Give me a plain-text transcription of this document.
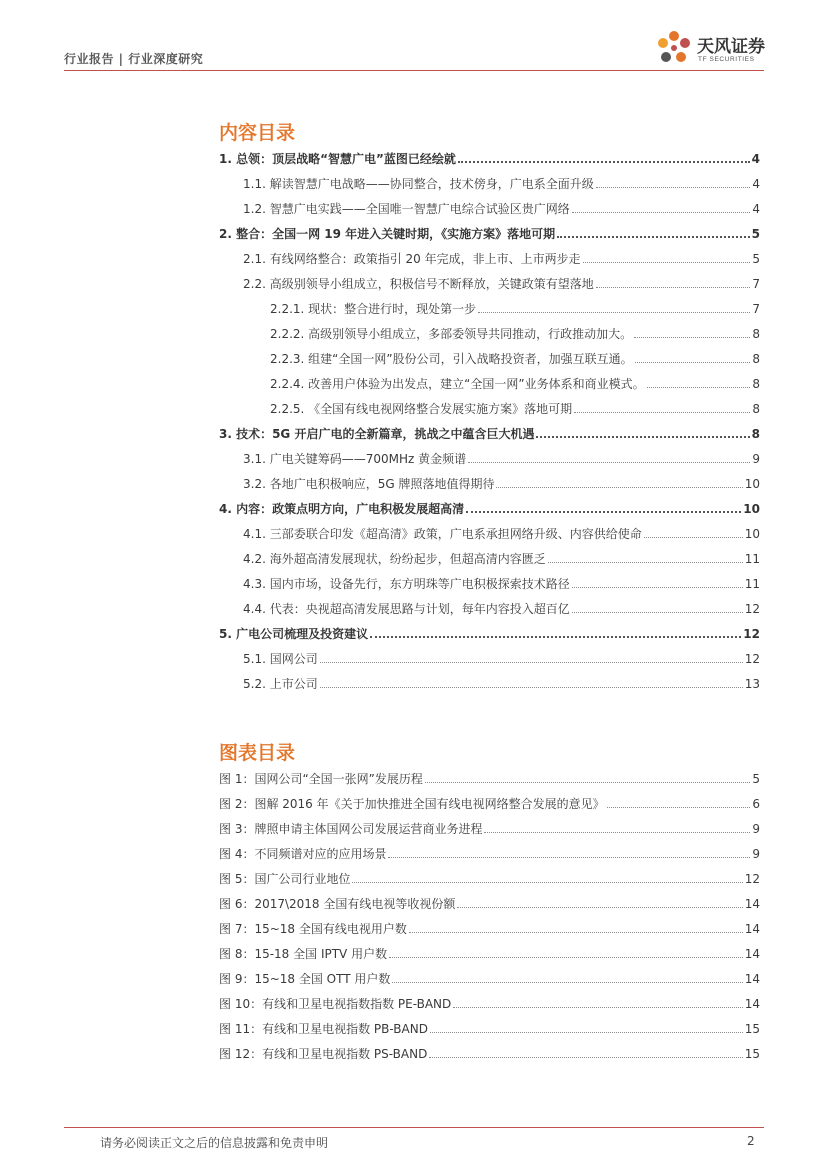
行业报告 | 行业深度研究
天风证券
TF SECURITIES
内容目录
1. 总领：顶层战略“智慧广电”蓝图已经绘就	4
1.1. 解读智慧广电战略——协同整合，技术傍身，广电系全面升级	4
1.2. 智慧广电实践——全国唯一智慧广电综合试验区贵广网络	4
2. 整合：全国一网 19 年进入关键时期，《实施方案》落地可期	5
2.1. 有线网络整合：政策指引 20 年完成，非上市、上市两步走	5
2.2. 高级别领导小组成立，积极信号不断释放，关键政策有望落地	7
2.2.1. 现状：整合进行时，现处第一步	7
2.2.2. 高级别领导小组成立，多部委领导共同推动，行政推动加大。	8
2.2.3. 组建“全国一网”股份公司，引入战略投资者，加强互联互通。	8
2.2.4. 改善用户体验为出发点，建立“全国一网”业务体系和商业模式。	8
2.2.5. 《全国有线电视网络整合发展实施方案》落地可期	8
3. 技术：5G 开启广电的全新篇章，挑战之中蕴含巨大机遇	8
3.1. 广电关键筹码——700MHz 黄金频谱	9
3.2. 各地广电积极响应，5G 牌照落地值得期待	10
4. 内容：政策点明方向，广电积极发展超高清	10
4.1. 三部委联合印发《超高清》政策，广电系承担网络升级、内容供给使命	10
4.2. 海外超高清发展现状，纷纷起步，但超高清内容匮乏	11
4.3. 国内市场，设备先行，东方明珠等广电积极探索技术路径	11
4.4. 代表：央视超高清发展思路与计划，每年内容投入超百亿	12
5. 广电公司梳理及投资建议	12
5.1. 国网公司	12
5.2. 上市公司	13
图表目录
图 1：国网公司“全国一张网”发展历程	5
图 2：图解 2016 年《关于加快推进全国有线电视网络整合发展的意见》	6
图 3：牌照申请主体国网公司发展运营商业务进程	9
图 4：不同频谱对应的应用场景	9
图 5：国广公司行业地位	12
图 6：2017\2018 全国有线电视等收视份额	14
图 7：15~18 全国有线电视用户数	14
图 8：15-18 全国 IPTV 用户数	14
图 9：15~18 全国 OTT 用户数	14
图 10：有线和卫星电视指数指数 PE-BAND	14
图 11：有线和卫星电视指数 PB-BAND	15
图 12：有线和卫星电视指数 PS-BAND	15
请务必阅读正文之后的信息披露和免责申明	2
